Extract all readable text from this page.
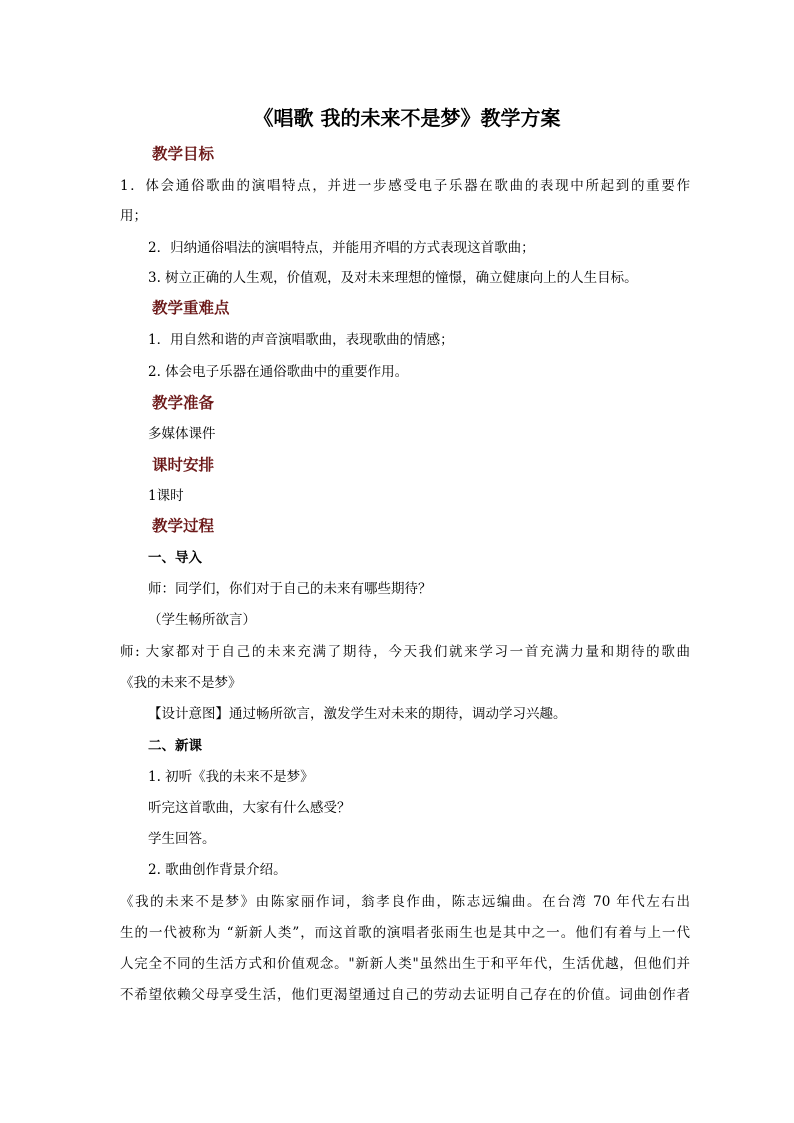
《唱歌 我的未来不是梦》教学方案
教学目标
1．体会通俗歌曲的演唱特点，并进一步感受电子乐器在歌曲的表现中所起到的重要作
用；
2．归纳通俗唱法的演唱特点，并能用齐唱的方式表现这首歌曲；
3. 树立正确的人生观，价值观，及对未来理想的憧憬，确立健康向上的人生目标。
教学重难点
1．用自然和谐的声音演唱歌曲，表现歌曲的情感；
2. 体会电子乐器在通俗歌曲中的重要作用。
教学准备
多媒体课件
课时安排
1课时
教学过程
一、导入
师：同学们，你们对于自己的未来有哪些期待？
（学生畅所欲言）
师: 大家都对于自己的未来充满了期待，今天我们就来学习一首充满力量和期待的歌曲
《我的未来不是梦》
【设计意图】通过畅所欲言，激发学生对未来的期待，调动学习兴趣。
二、新课
1. 初听《我的未来不是梦》
听完这首歌曲，大家有什么感受？
学生回答。
2. 歌曲创作背景介绍。
《我的未来不是梦》由陈家丽作词，翁孝良作曲，陈志远编曲。在台湾 70 年代左右出
生的一代被称为 “新新人类”，而这首歌的演唱者张雨生也是其中之一。他们有着与上一代
人完全不同的生活方式和价值观念。"新新人类"虽然出生于和平年代，生活优越，但他们并
不希望依赖父母享受生活，他们更渴望通过自己的劳动去证明自己存在的价值。词曲创作者
